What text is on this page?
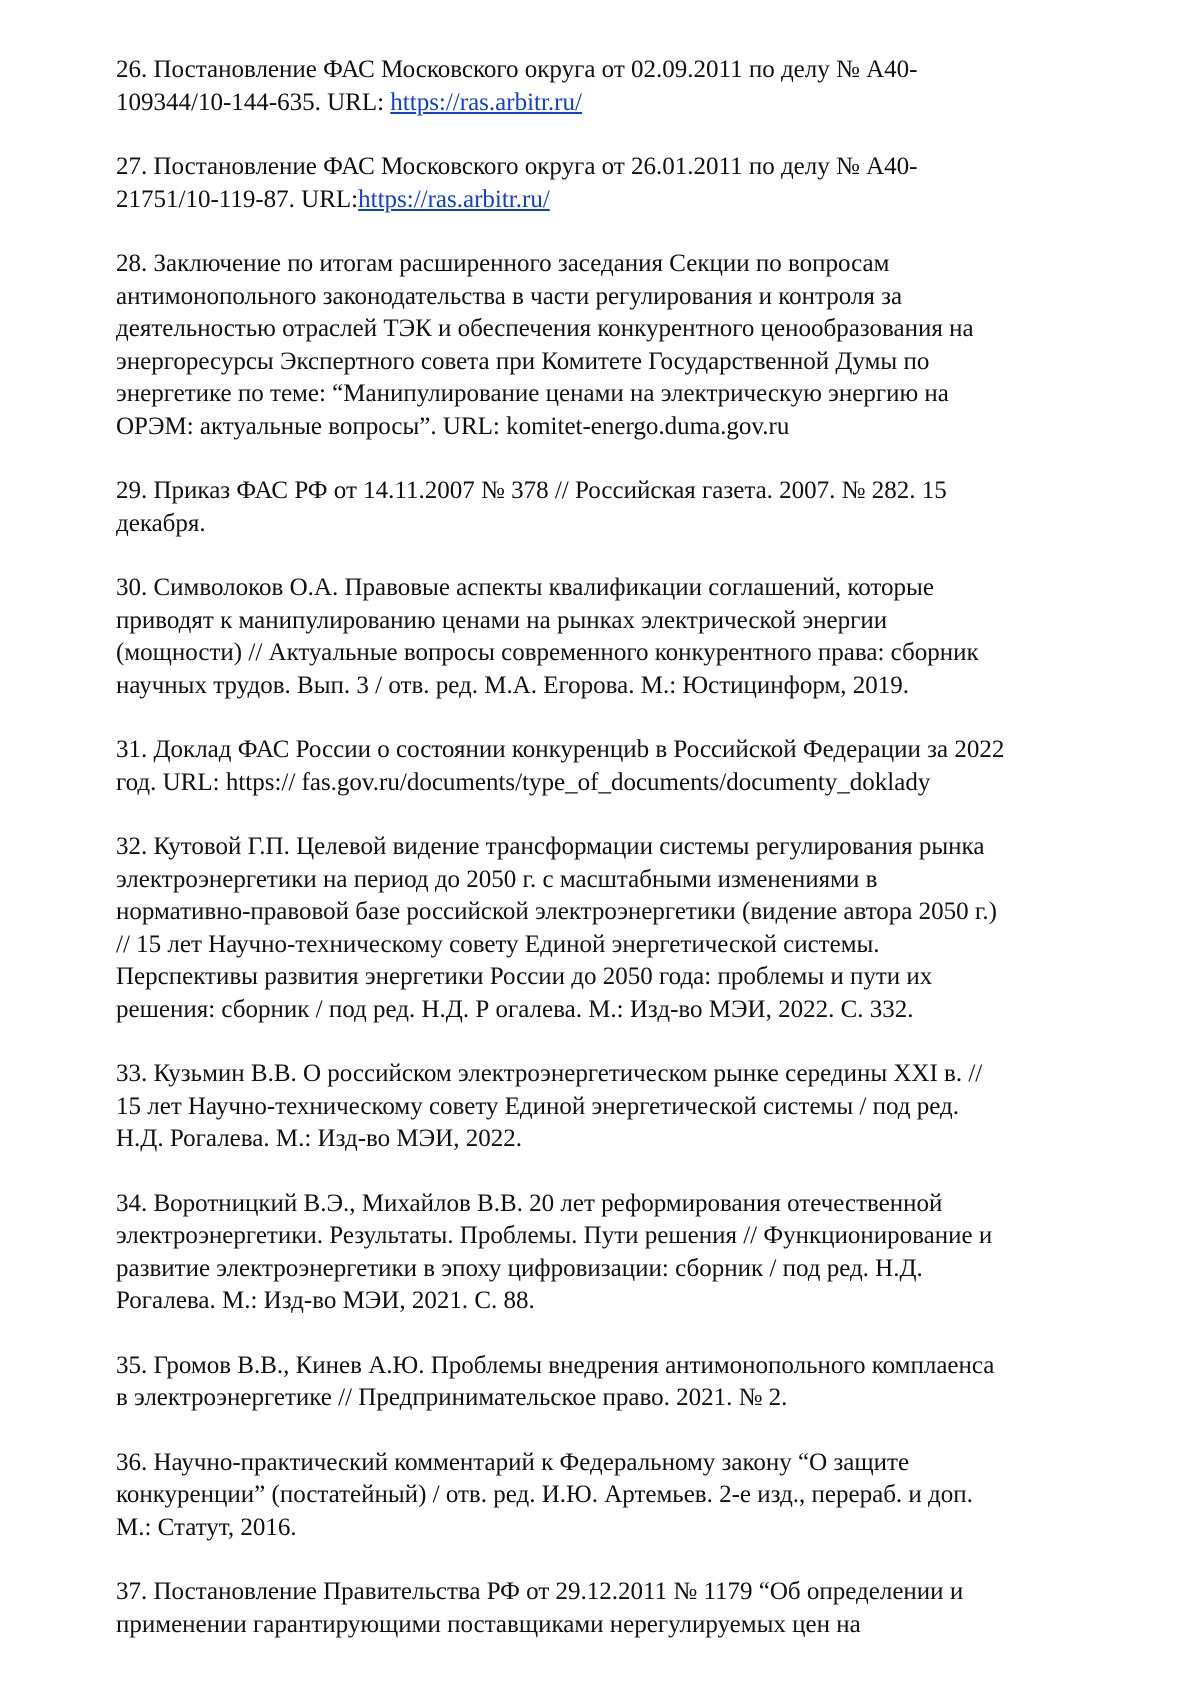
26. Постановление ФАС Московского округа от 02.09.2011 по делу № А40-
109344/10-144-635. URL: https://ras.arbitr.ru/

27. Постановление ФАС Московского округа от 26.01.2011 по делу № А40-
21751/10-119-87. URL:https://ras.arbitr.ru/

28. Заключение по итогам расширенного заседания Секции по вопросам
антимонопольного законодательства в части регулирования и контроля за
деятельностью отраслей ТЭК и обеспечения конкурентного ценообразования на
энергоресурсы Экспертного совета при Комитете Государственной Думы по
энергетике по теме: “Манипулирование ценами на электрическую энергию на
ОРЭМ: актуальные вопросы”. URL: komitet-energo.duma.gov.ru

29. Приказ ФАС РФ от 14.11.2007 № 378 // Российская газета. 2007. № 282. 15
декабря.

30. Символоков О.А. Правовые аспекты квалификации соглашений, которые
приводят к манипулированию ценами на рынках электрической энергии
(мощности) // Актуальные вопросы современного конкурентного права: сборник
научных трудов. Вып. 3 / отв. ред. М.А. Егорова. М.: Юстицинформ, 2019.

31. Доклад ФАС России о состоянии конкуренциb в Российской Федерации за 2022
год. URL: https:// fas.gov.ru/documents/type_of_documents/documenty_doklady

32. Кутовой Г.П. Целевой видение трансформации системы регулирования рынка
электроэнергетики на период до 2050 г. с масштабными изменениями в
нормативно-правовой базе российской электроэнергетики (видение автора 2050 г.)
// 15 лет Научно-техническому совету Единой энергетической системы.
Перспективы развития энергетики России до 2050 года: проблемы и пути их
решения: сборник / под ред. Н.Д. Р огалева. М.: Изд-во МЭИ, 2022. С. 332.

33. Кузьмин В.В. О российском электроэнергетическом рынке середины XXI в. //
15 лет Научно-техническому совету Единой энергетической системы / под ред.
Н.Д. Рогалева. М.: Изд-во МЭИ, 2022.

34. Воротницкий В.Э., Михайлов В.В. 20 лет реформирования отечественной
электроэнергетики. Результаты. Проблемы. Пути решения // Функционирование и
развитие электроэнергетики в эпоху цифровизации: сборник / под ред. Н.Д.
Рогалева. М.: Изд-во МЭИ, 2021. С. 88.

35. Громов В.В., Кинев А.Ю. Проблемы внедрения антимонопольного комплаенса
в электроэнергетике // Предпринимательское право. 2021. № 2.

36. Научно-практический комментарий к Федеральному закону “О защите
конкуренции” (постатейный) / отв. ред. И.Ю. Артемьев. 2-е изд., перераб. и доп.
М.: Статут, 2016.

37. Постановление Правительства РФ от 29.12.2011 № 1179 “Об определении и
применении гарантирующими поставщиками нерегулируемых цен на
